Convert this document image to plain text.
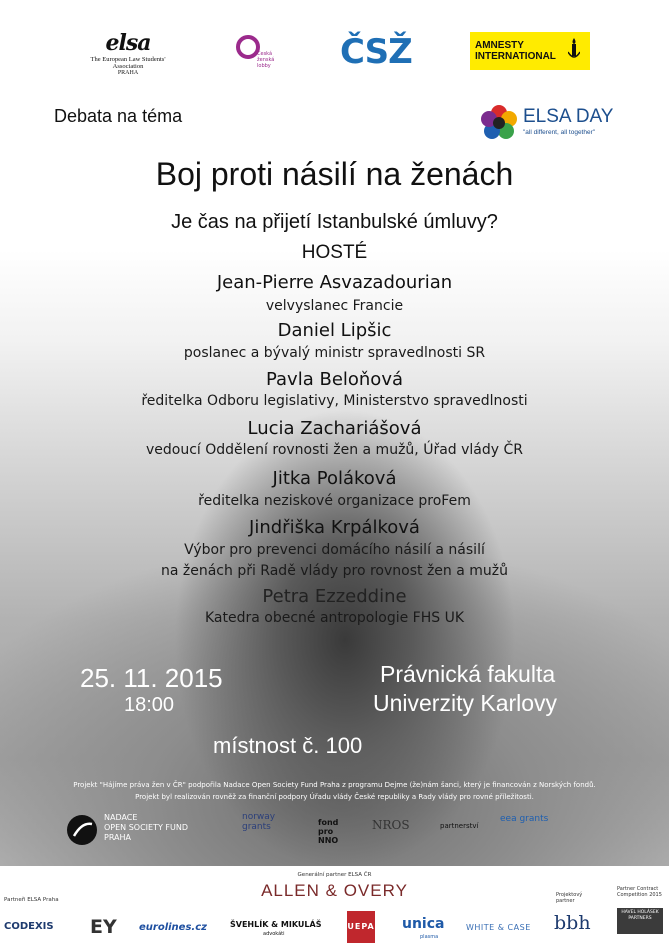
elsa
The European Law Students' Association
PRAHA
Česká ženská lobby	ČSŽ	AMNESTY
INTERNATIONAL
Debata na téma	ELSA DAY
"all different, all together"
Boj proti násilí na ženách
Je čas na přijetí Istanbulské úmluvy?
HOSTÉ
Jean-Pierre Asvazadourian
velvyslanec Francie
Daniel Lipšic
poslanec a bývalý ministr spravedlnosti SR
Pavla Beloňová
ředitelka Odboru legislativy, Ministerstvo spravedlnosti
Lucia Zachariášová
vedoucí Oddělení rovnosti žen a mužů, Úřad vlády ČR
Jitka Poláková
ředitelka neziskové organizace proFem
Jindřiška Krpálková
Výbor pro prevenci domácího násilí a násilí
na ženách při Radě vlády pro rovnost žen a mužů
Petra Ezzeddine
Katedra obecné antropologie FHS UK
25. 11. 2015
18:00
Právnická fakulta
Univerzity Karlovy
místnost č. 100
Projekt "Hájíme práva žen v ČR" podpořila Nadace Open Society Fund Praha z programu Dejme (že)nám šanci, který je financován z Norských fondů.
Projekt byl realizován rovněž za finanční podpory Úřadu vlády České republiky a Rady vlády pro rovné příležitosti.
NADACE
OPEN SOCIETY FUND
PRAHA
norway grants	fond pro NNO
NROS	partnerství
eea grants
Partneři ELSA Praha
Generální partner ELSA ČR
ALLEN & OVERY
CODEXIS EY eurolines.cz	ŠVEHLÍK & MIKULÁŠ
advokáti
UEPA unica
plasma
WHITE & CASE
Projektový partner
bbh
Partner Contract Competition 2015
HAVEL HOLÁSEK PARTNERS
